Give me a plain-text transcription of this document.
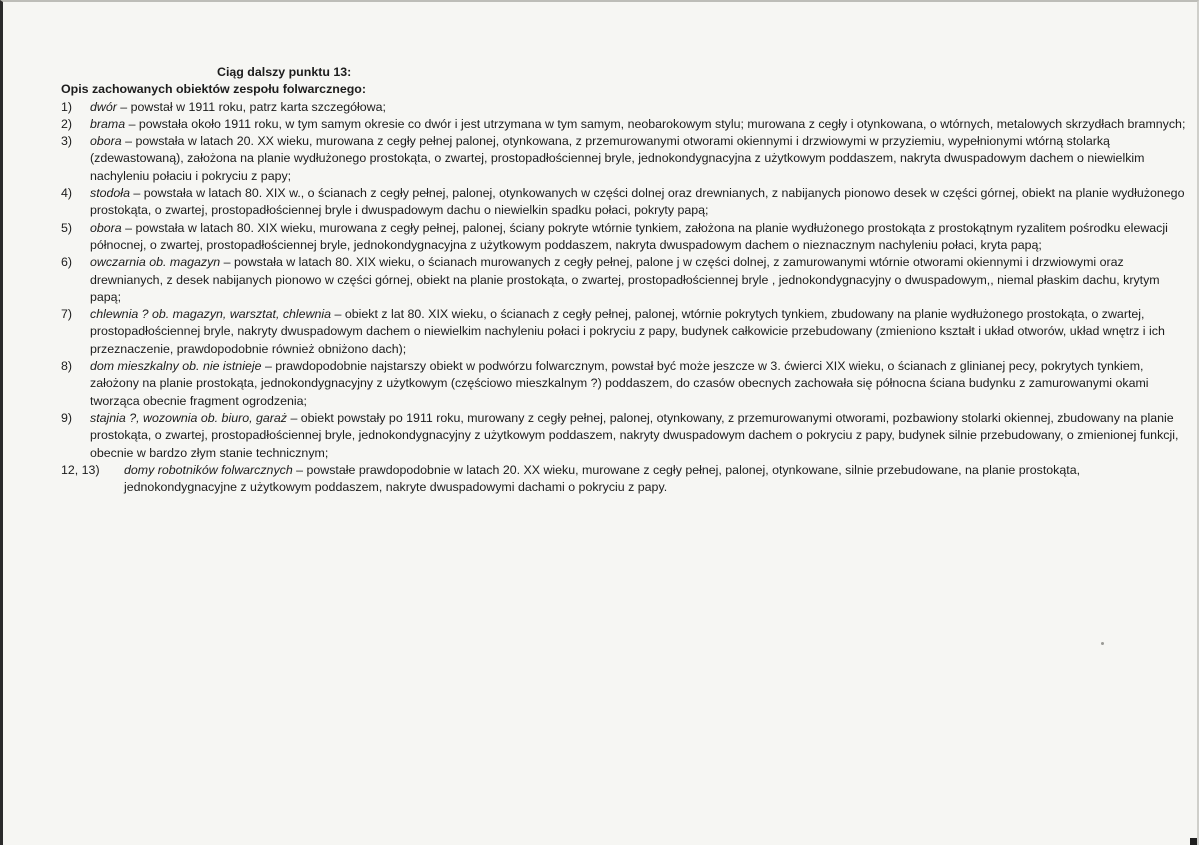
Ciąg dalszy punktu 13:

Opis zachowanych obiektów zespołu folwarcznego:

1)	dwór – powstał w 1911 roku, patrz karta szczegółowa;
2)	brama – powstała około 1911 roku, w tym samym okresie co dwór i jest utrzymana w tym samym, neobarokowym stylu; murowana z cegły i otynkowana, o wtórnych, metalowych skrzydłach bramnych;
3)	obora – powstała w latach 20. XX wieku, murowana z cegły pełnej palonej, otynkowana, z przemurowanymi otworami okiennymi i drzwiowymi w przyziemiu, wypełnionymi wtórną stolarką (zdewastowaną), założona na planie wydłużonego prostokąta, o zwartej, prostopadłościennej bryle, jednokondygnacyjna z użytkowym poddaszem, nakryta dwuspadowym dachem o niewielkim nachyleniu połaciu i pokryciu z papy;
4)	stodoła – powstała w latach 80. XIX w., o ścianach z cegły pełnej, palonej, otynkowanych w części dolnej oraz drewnianych, z nabijanych pionowo desek w części górnej, obiekt na planie wydłużonego prostokąta, o zwartej, prostopadłościennej bryle i dwuspadowym dachu o niewielkin spadku połaci, pokryty papą;
5)	obora – powstała w latach 80. XIX wieku, murowana z cegły pełnej, palonej, ściany pokryte wtórnie tynkiem, założona na planie wydłużonego prostokąta z prostokątnym ryzalitem pośrodku elewacji północnej, o zwartej, prostopadłościennej bryle, jednokondygnacyjna z użytkowym poddaszem, nakryta dwuspadowym dachem o nieznacznym nachyleniu połaci, kryta papą;
6)	owczarnia ob. magazyn – powstała w latach 80. XIX wieku, o ścianach murowanych z cegły pełnej, palone j w części dolnej, z zamurowanymi wtórnie otworami okiennymi i drzwiowymi oraz drewnianych, z desek nabijanych pionowo w części górnej, obiekt na planie prostokąta, o zwartej, prostopadłościennej bryle , jednokondygnacyjny o dwuspadowym,, niemal płaskim dachu, krytym papą;
7)	chlewnia ? ob. magazyn, warsztat, chlewnia – obiekt z lat 80. XIX wieku, o ścianach z cegły pełnej, palonej, wtórnie pokrytych tynkiem, zbudowany na planie wydłużonego prostokąta, o zwartej, prostopadłościennej bryle, nakryty dwuspadowym dachem o niewielkim nachyleniu połaci i pokryciu z papy, budynek całkowicie przebudowany (zmieniono kształt i układ otworów, układ wnętrz i ich przeznaczenie, prawdopodobnie również obniżono dach);
8)	dom mieszkalny ob. nie istnieje – prawdopodobnie najstarszy obiekt w podwórzu folwarcznym, powstał być może jeszcze w 3. ćwierci XIX wieku, o ścianach z glinianej pecy, pokrytych tynkiem, założony na planie prostokąta, jednokondygnacyjny z użytkowym (częściowo mieszkalnym ?) poddaszem, do czasów obecnych zachowała się północna ściana budynku z zamurowanymi okami tworząca obecnie fragment ogrodzenia;
9)	stajnia ?, wozownia ob. biuro, garaż – obiekt powstały po 1911 roku, murowany z cegły pełnej, palonej, otynkowany, z przemurowanymi otworami, pozbawiony stolarki okiennej, zbudowany na planie prostokąta, o zwartej, prostopadłościennej bryle, jednokondygnacyjny z użytkowym poddaszem, nakryty dwuspadowym dachem o pokryciu z papy, budynek silnie przebudowany, o zmienionej funkcji, obecnie w bardzo złym stanie technicznym;
12, 13)	domy robotników folwarcznych – powstałe prawdopodobnie w latach 20. XX wieku, murowane z cegły pełnej, palonej, otynkowane, silnie przebudowane, na planie prostokąta, jednokondygnacyjne z użytkowym poddaszem, nakryte dwuspadowymi dachami o pokryciu z papy.
